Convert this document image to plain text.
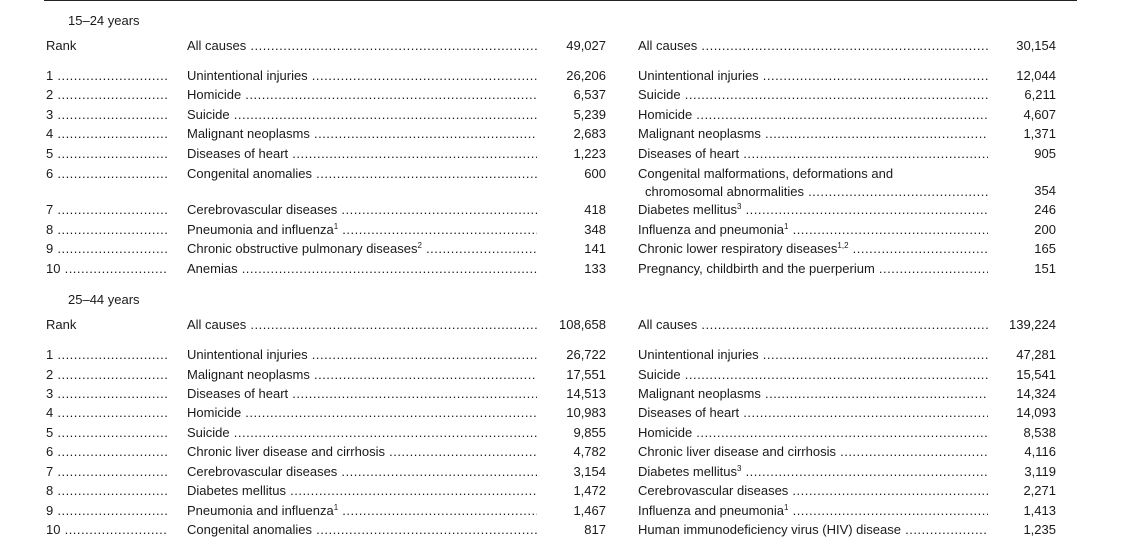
15–24 years
Rank	All causes .....	49,027 All causes .....	30,154
1 .....	Unintentional injuries .....	26,206 Unintentional injuries .....	12,044
2 .....	Homicide .....	6,537 Suicide .....	6,211
3 .....	Suicide .....	5,239 Homicide .....	4,607
4 .....	Malignant neoplasms .....	2,683 Malignant neoplasms .....	1,371
5 .....	Diseases of heart .....	1,223 Diseases of heart .....	905
6 .....	Congenital anomalies .....	600 Congenital malformations, deformations and
chromosomal abnormalities .....	354
7 .....	Cerebrovascular diseases .....	418 Diabetes mellitus$^3$ .....	246
8 .....	Pneumonia and influenza$^1$ .....	348 Influenza and pneumonia$^1$ .....	200
9 .....	Chronic obstructive pulmonary diseases$^2$ .....	141 Chronic lower respiratory diseases$^{1,2}$ .....	165
10 .....	Anemias .....	133 Pregnancy, childbirth and the puerperium .....	151
25–44 years
Rank	All causes .....	108,658 All causes .....	139,224
1 .....	Unintentional injuries .....	26,722 Unintentional injuries .....	47,281
2 .....	Malignant neoplasms .....	17,551 Suicide .....	15,541
3 .....	Diseases of heart .....	14,513 Malignant neoplasms .....	14,324
4 .....	Homicide .....	10,983 Diseases of heart .....	14,093
5 .....	Suicide .....	9,855 Homicide .....	8,538
6 .....	Chronic liver disease and cirrhosis .....	4,782 Chronic liver disease and cirrhosis .....	4,116
7 .....	Cerebrovascular diseases .....	3,154 Diabetes mellitus$^3$ .....	3,119
8 .....	Diabetes mellitus .....	1,472 Cerebrovascular diseases .....	2,271
9 .....	Pneumonia and influenza$^1$ .....	1,467 Influenza and pneumonia$^1$ .....	1,413
10 .....	Congenital anomalies .....	817 Human immunodeficiency virus (HIV) disease .....	1,235
